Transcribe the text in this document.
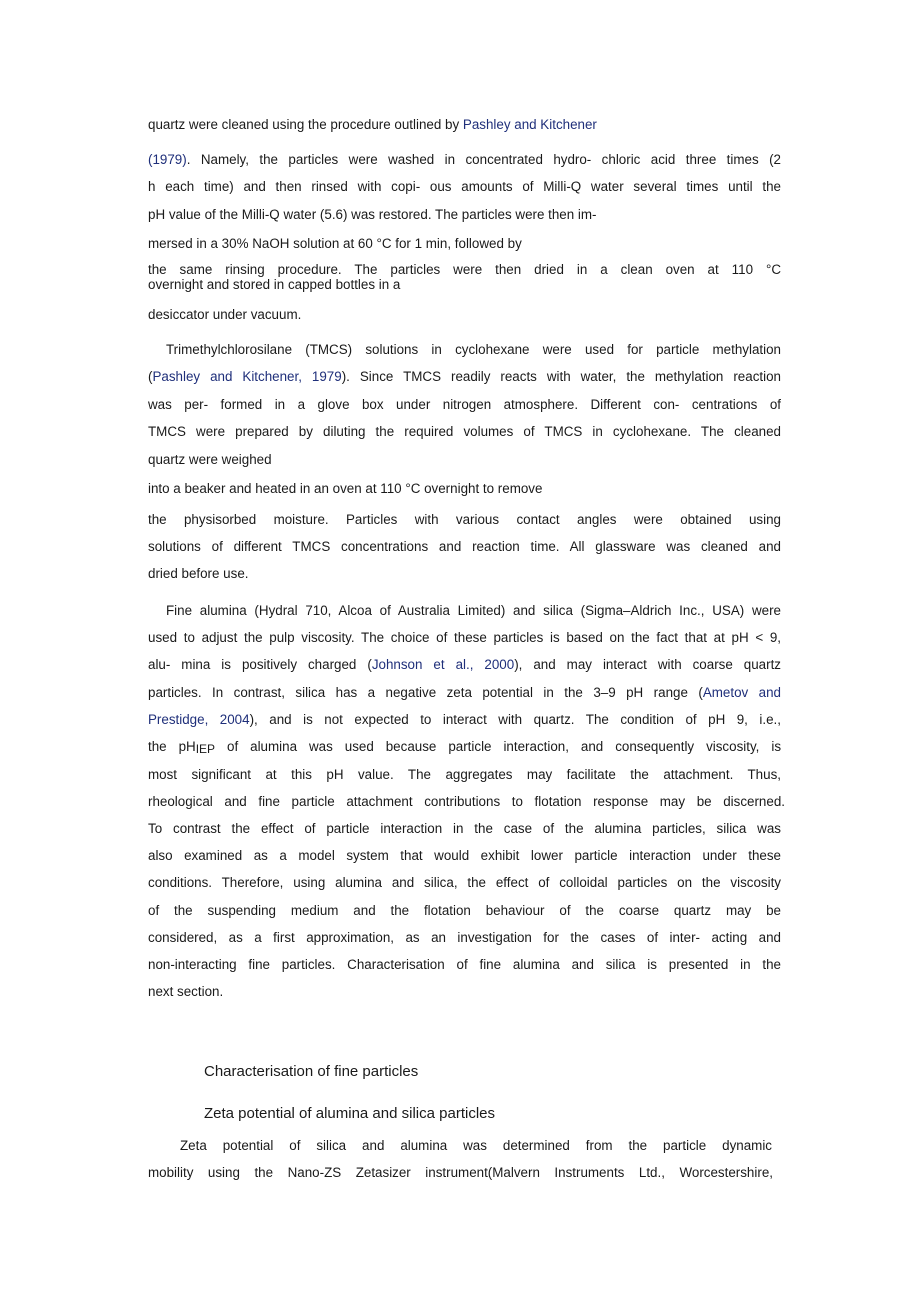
quartz were cleaned using the procedure outlined by Pashley and Kitchener
(1979). Namely, the particles were washed in concentrated hydro- chloric acid three times (2
h each time) and then rinsed with copi- ous amounts of Milli-Q water several times until the
pH value of the Milli-Q water (5.6) was restored. The particles were then im-
mersed in a 30% NaOH solution at 60 °C for 1 min, followed by
the same rinsing procedure. The particles were then dried in a clean oven at 110 °C
overnight and stored in capped bottles in a
desiccator under vacuum.
Trimethylchlorosilane (TMCS) solutions in cyclohexane were used for particle methylation
(Pashley and Kitchener, 1979). Since TMCS readily reacts with water, the methylation reaction
was per- formed in a glove box under nitrogen atmosphere. Different con- centrations of
TMCS were prepared by diluting the required volumes of TMCS in cyclohexane. The cleaned
quartz were weighed
into a beaker and heated in an oven at 110 °C overnight to remove
the physisorbed moisture. Particles with various contact angles were obtained using
solutions of different TMCS concentrations and reaction time. All glassware was cleaned and
dried before use.
Fine alumina (Hydral 710, Alcoa of Australia Limited) and silica (Sigma–Aldrich Inc., USA) were
used to adjust the pulp viscosity. The choice of these particles is based on the fact that at pH < 9,
alu- mina is positively charged (Johnson et al., 2000), and may interact with coarse quartz
particles. In contrast, silica has a negative zeta potential in the 3–9 pH range (Ametov and
Prestidge, 2004), and is not expected to interact with quartz. The condition of pH 9, i.e.,
the pHIEP of alumina was used because particle interaction, and consequently viscosity, is
most significant at this pH value. The aggregates may facilitate the attachment. Thus,
rheological and fine particle attachment contributions to flotation response may be discerned.
To contrast the effect of particle interaction in the case of the alumina particles, silica was
also examined as a model system that would exhibit lower particle interaction under these
conditions. Therefore, using alumina and silica, the effect of colloidal particles on the viscosity
of the suspending medium and the flotation behaviour of the coarse quartz may be
considered, as a first approximation, as an investigation for the cases of inter- acting and
non-interacting fine particles. Characterisation of fine alumina and silica is presented in the
next section.
Characterisation of fine particles
Zeta potential of alumina and silica particles
Zeta potential of silica and alumina was determined from the particle dynamic
mobility using the Nano-ZS Zetasizer instrument(Malvern Instruments Ltd., Worcestershire,
